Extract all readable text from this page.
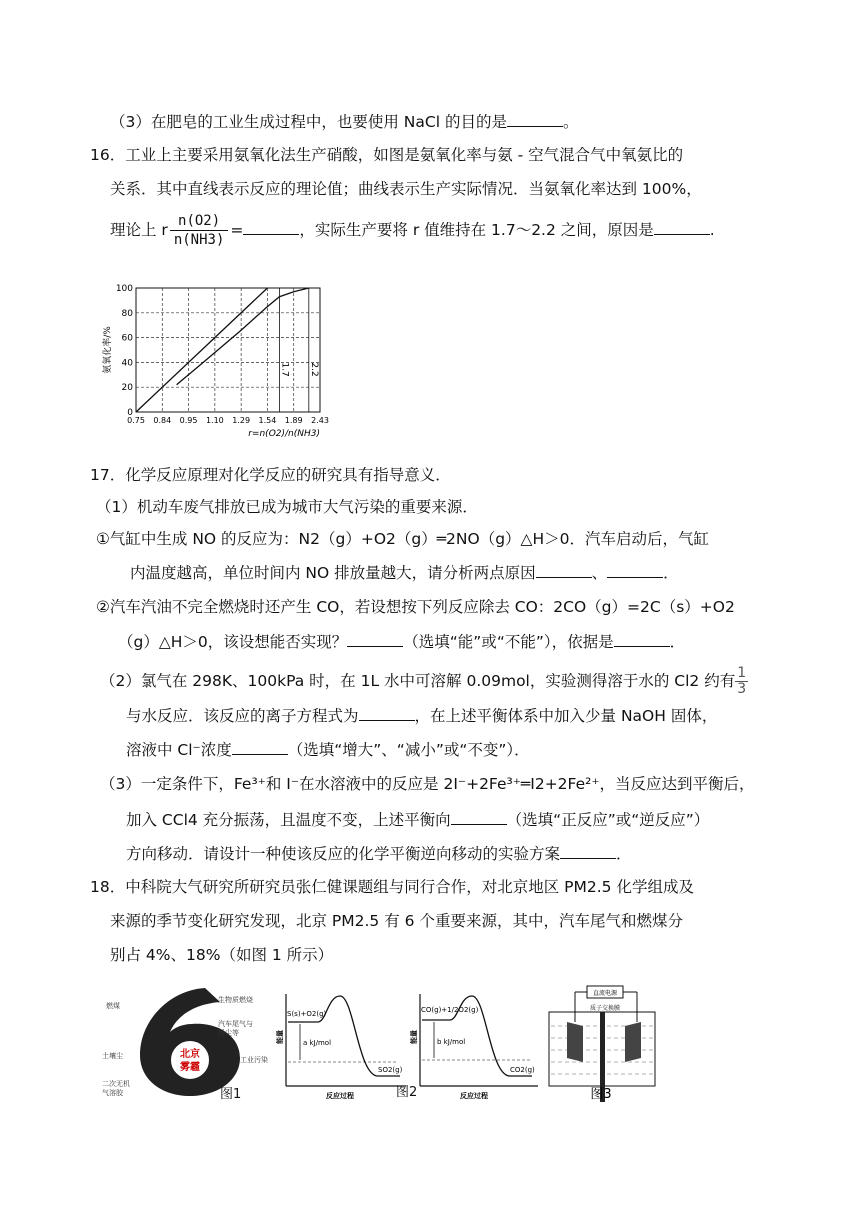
（3）在肥皂的工业生成过程中，也要使用 NaCl 的目的是	。
16．工业上主要采用氨氧化法生产硝酸，如图是氨氧化率与氨 - 空气混合气中氧氨比的
关系．其中直线表示反应的理论值；曲线表示生产实际情况．当氨氧化率达到 100%，
理论上 r $\frac{n(O2)}{n(NH3)}$ =	，实际生产要将 r 值维持在 1.7～2.2 之间，原因是	.
0
20
40
60
80
100
0.75 0.84 0.95 1.10 1.29 1.54 1.89 2.43
1.7 2.2
氨氧化率/%
r=n(O2)/n(NH3)
17．化学反应原理对化学反应的研究具有指导意义．
（1）机动车废气排放已成为城市大气污染的重要来源．
①气缸中生成 NO 的反应为：N2（g）+O2（g）═2NO（g）△H＞0．汽车启动后，气缸
内温度越高，单位时间内 NO 排放量越大，请分析两点原因	、	．
②汽车汽油不完全燃烧时还产生 CO，若设想按下列反应除去 CO：2CO（g）=2C（s）+O2
（g）△H＞0，该设想能否实现？	（选填“能”或“不能”），依据是	．
（2）氯气在 298K、100kPa 时，在 1L 水中可溶解 0.09mol，实验测得溶于水的 Cl2 约有 $\frac{1}{3}$
与水反应．该反应的离子方程式为	，在上述平衡体系中加入少量 NaOH 固体，
溶液中 Cl⁻浓度	（选填“增大”、“减小”或“不变”）．
（3）一定条件下，Fe³⁺和 I⁻在水溶液中的反应是 2I⁻+2Fe³⁺═I2+2Fe²⁺，当反应达到平衡后，
加入 CCl4 充分振荡，且温度不变，上述平衡向	（选填“正反应”或“逆反应”）
方向移动．请设计一种使该反应的化学平衡逆向移动的实验方案	．
18．中科院大气研究所研究员张仁健课题组与同行合作，对北京地区 PM2.5 化学组成及
来源的季节变化研究发现，北京 PM2.5 有 6 个重要来源，其中，汽车尾气和燃煤分
别占 4%、18%（如图 1 所示）
北京
雾霾
燃煤
土壤尘
二次无机
气溶胶
生物质燃烧
汽车尾气与
扬尘等
工业污染
图1
S(s)+O2(g)
a kJ/mol
SO2(g)
反应过程
能量
图2
CO(g)+1/2O2(g)
b kJ/mol
CO2(g)
反应过程
能量
直流电源
质子交换膜
图3
